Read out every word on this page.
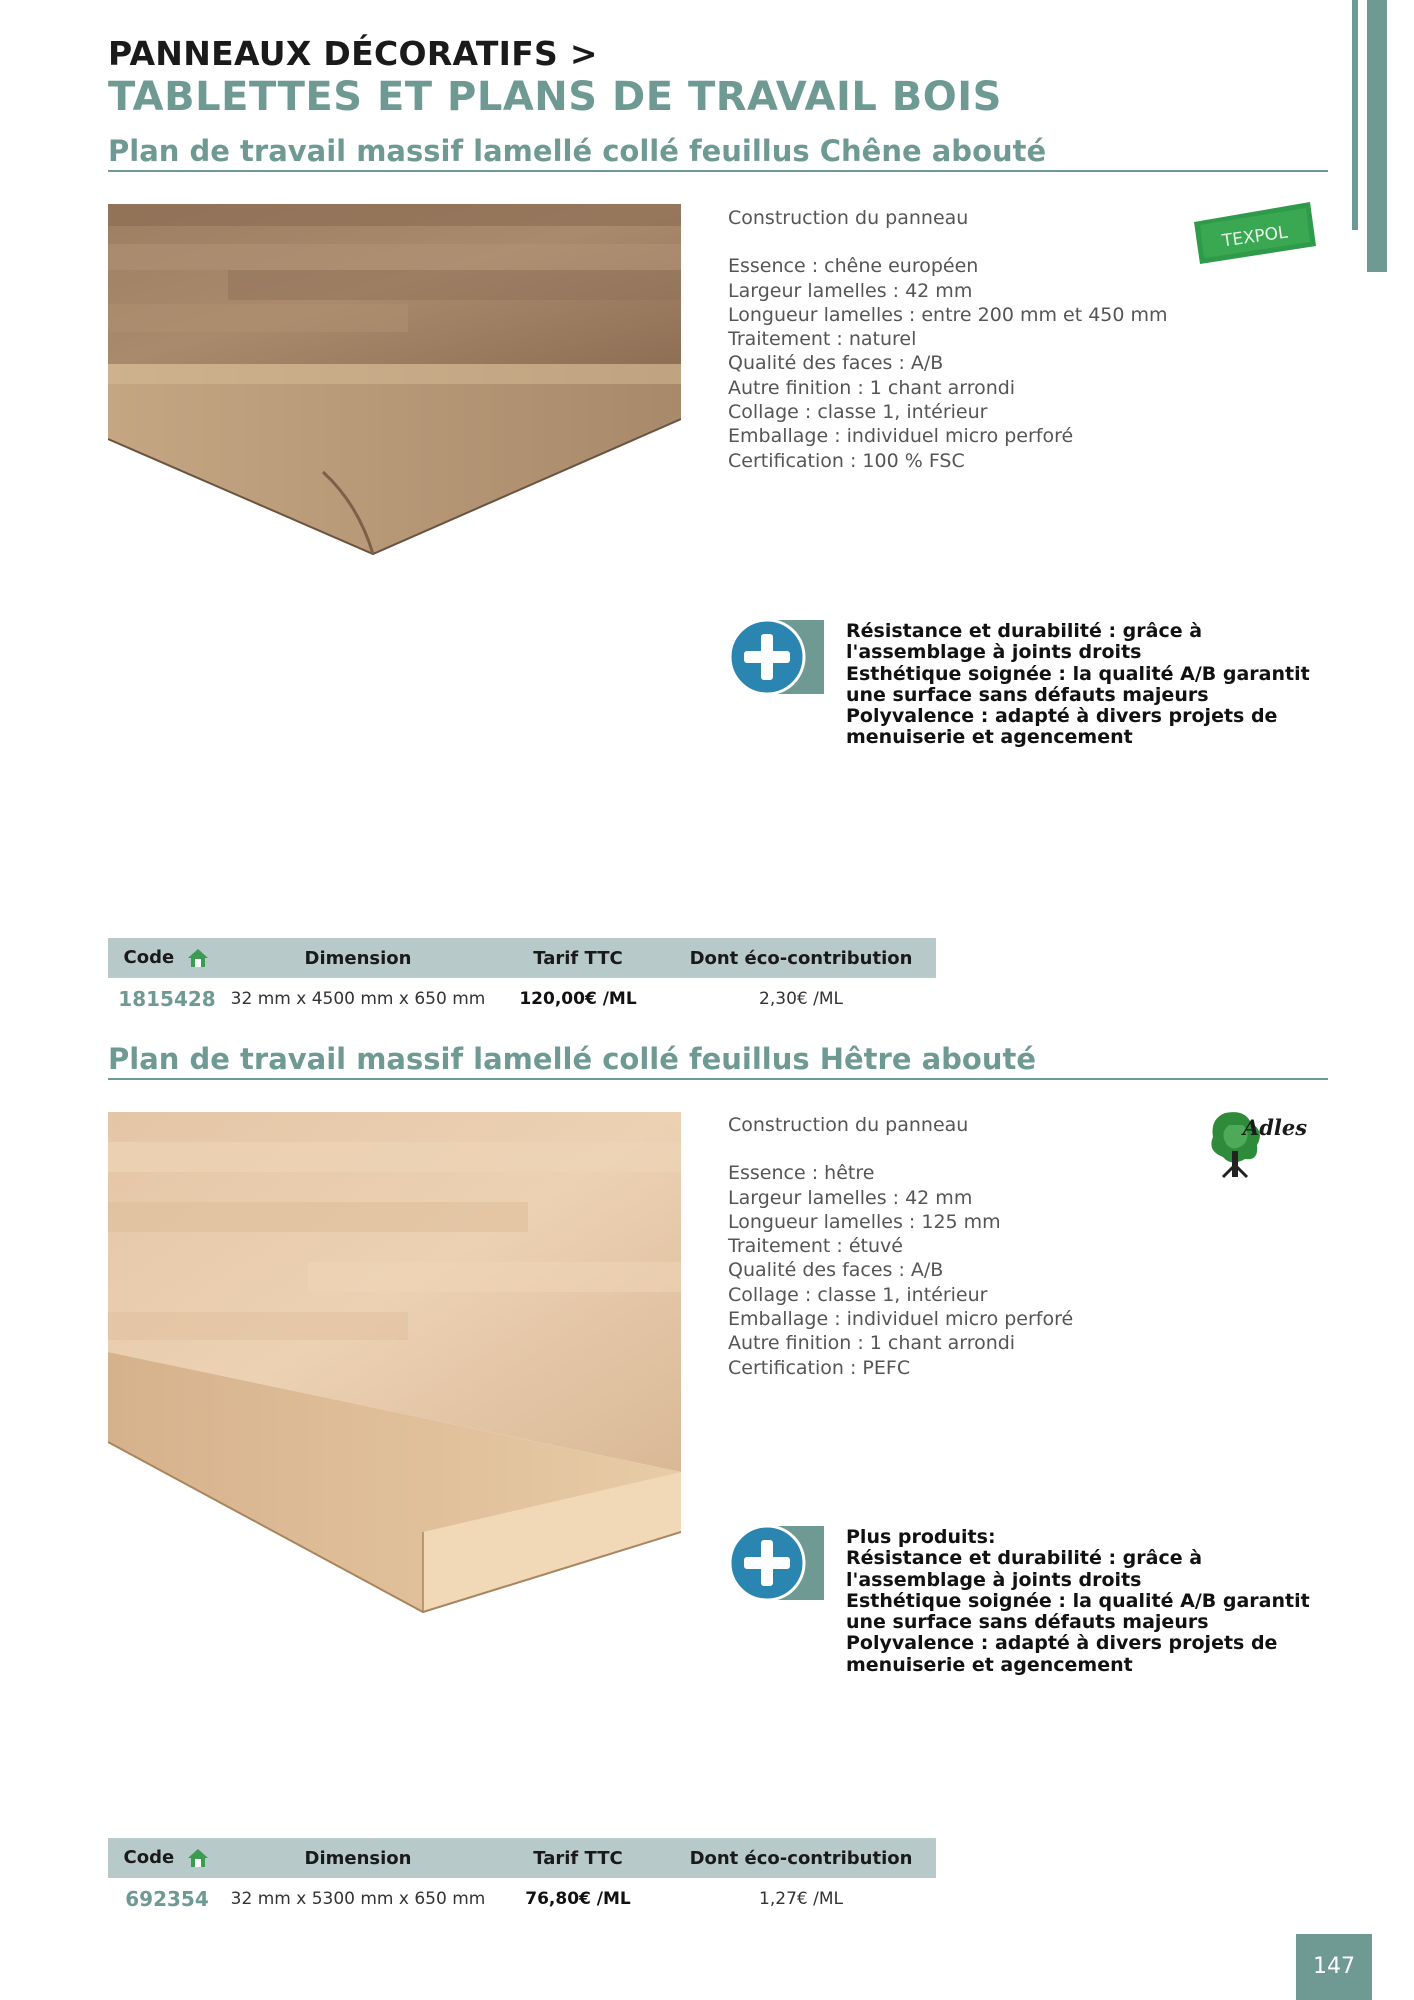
PANNEAUX DÉCORATIFS >
TABLETTES ET PLANS DE TRAVAIL BOIS
Plan de travail massif lamellé collé feuillus Chêne abouté
Construction du panneau
Essence : chêne européen
Largeur lamelles : 42 mm
Longueur lamelles : entre 200 mm et 450 mm
Traitement : naturel
Qualité des faces : A/B
Autre finition : 1 chant arrondi
Collage : classe 1, intérieur
Emballage : individuel micro perforé
Certification : 100 % FSC
TEXPOL
Résistance et durabilité : grâce à l'assemblage à joints droits
Esthétique soignée : la qualité A/B garantit une surface sans défauts majeurs
Polyvalence : adapté à divers projets de menuiserie et agencement
Code	Dimension	Tarif TTC	Dont éco-contribution
1815428	32 mm x 4500 mm x 650 mm	120,00€ /ML	2,30€ /ML
Plan de travail massif lamellé collé feuillus Hêtre abouté
Construction du panneau
Essence : hêtre
Largeur lamelles : 42 mm
Longueur lamelles : 125 mm
Traitement : étuvé
Qualité des faces : A/B
Collage : classe 1, intérieur
Emballage : individuel micro perforé
Autre finition : 1 chant arrondi
Certification : PEFC
Adles
Plus produits:
Résistance et durabilité : grâce à l'assemblage à joints droits
Esthétique soignée : la qualité A/B garantit une surface sans défauts majeurs
Polyvalence : adapté à divers projets de menuiserie et agencement
Code	Dimension	Tarif TTC	Dont éco-contribution
692354	32 mm x 5300 mm x 650 mm	76,80€ /ML	1,27€ /ML
147
